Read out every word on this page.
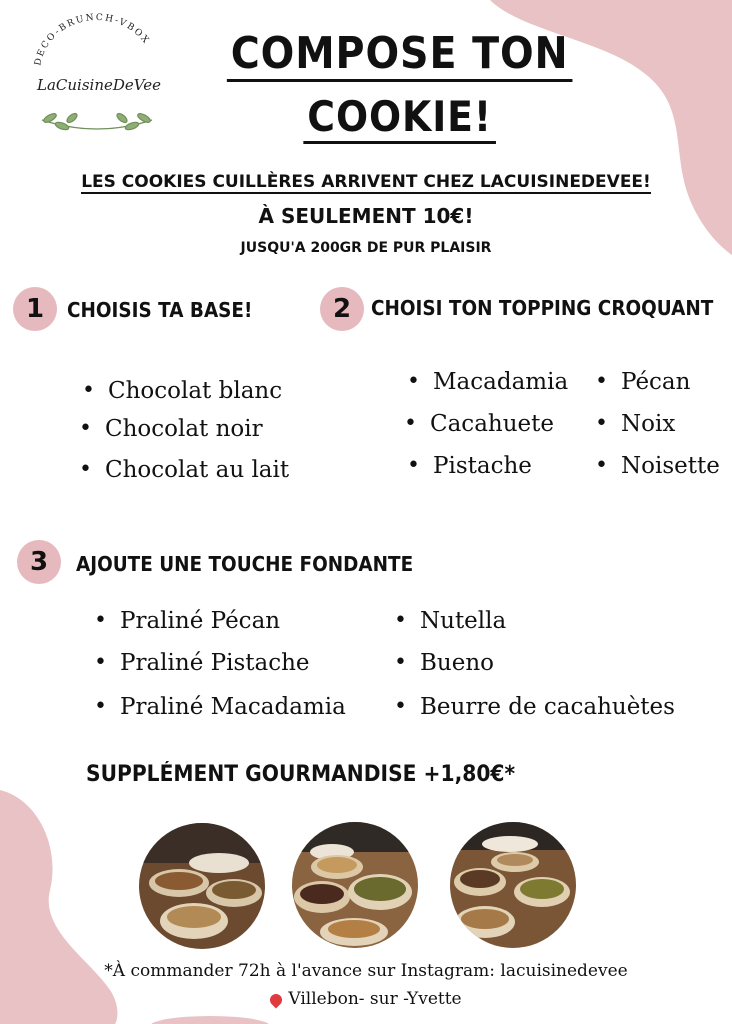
DECO-BRUNCH-VBOX
LaCuisineDeVee
COMPOSE TON
COOKIE!
LES COOKIES CUILLÈRES ARRIVENT CHEZ LACUISINEDEVEE!
À SEULEMENT 10€!
JUSQU'A 200GR DE PUR PLAISIR
1	CHOISIS TA BASE!
• Chocolat blanc
• Chocolat noir
• Chocolat au lait
2 CHOISI TON TOPPING CROQUANT
• Macadamia
• Cacahuete
• Pistache
• Pécan
• Noix
• Noisette
3	AJOUTE UNE TOUCHE FONDANTE
• Praliné Pécan
• Praliné Pistache
• Praliné Macadamia
• Nutella
• Bueno
• Beurre de cacahuètes
SUPPLÉMENT GOURMANDISE +1,80€*
*À commander 72h à l'avance sur Instagram: lacuisinedevee
Villebon- sur -Yvette
